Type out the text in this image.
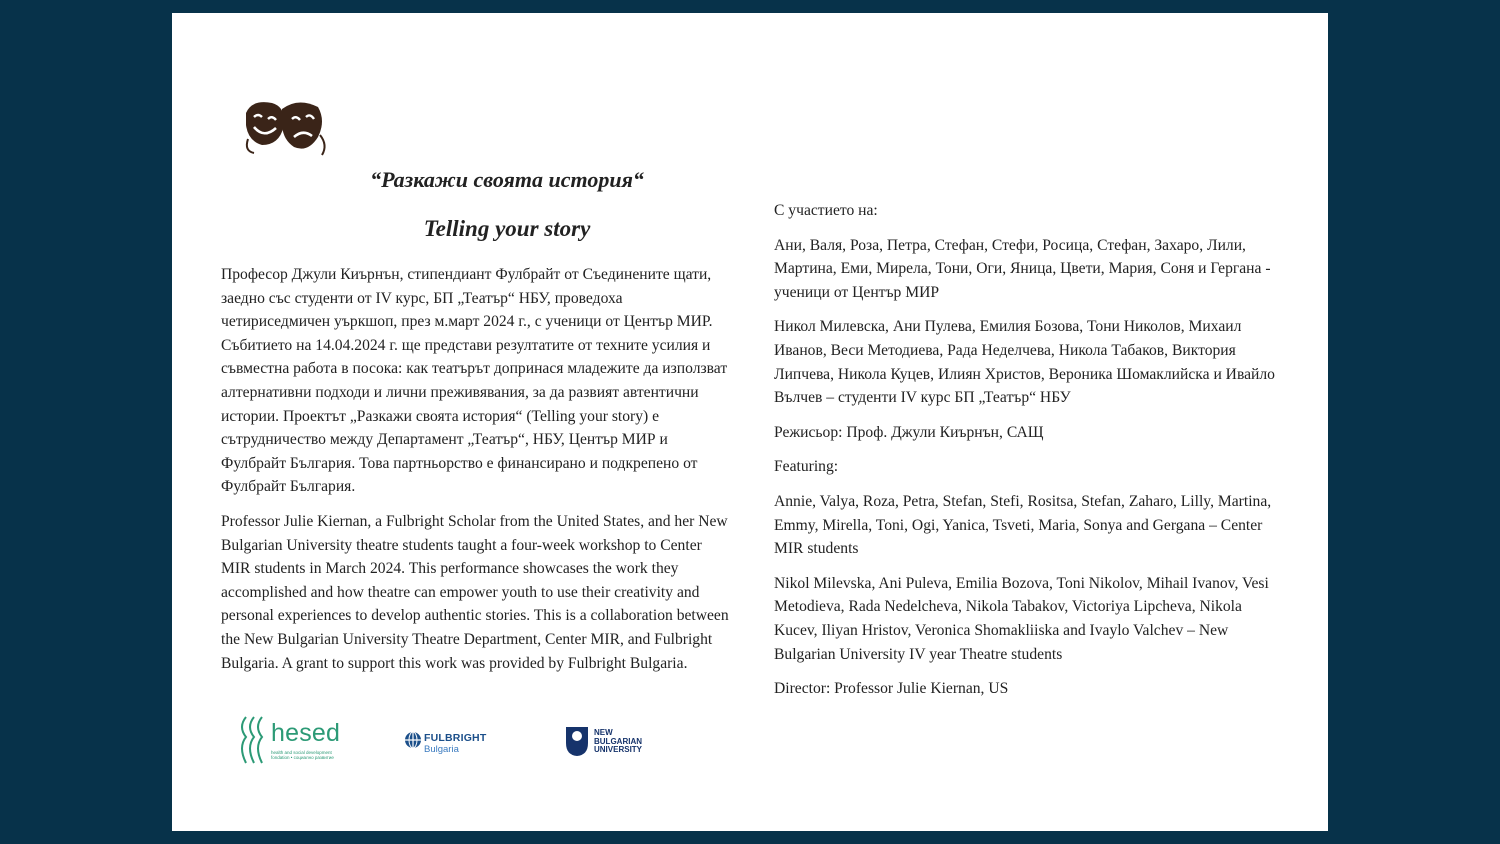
“Разкажи своята история“
Telling your story

Професор Джули Киърнън, стипендиант Фулбрайт от Съединените щати, заедно със студенти от IV курс, БП „Театър“ НБУ, проведоха четириседмичен уъркшоп, през м.март 2024 г., с ученици от Център МИР. Събитието на 14.04.2024 г. ще представи резултатите от техните усилия и съвместна работа в посока: как театърът допринася младежите да използват алтернативни подходи и лични преживявания, за да развият автентични истории. Проектът „Разкажи своята история“ (Telling your story) е сътрудничество между Департамент „Театър“, НБУ, Център МИР и Фулбрайт България. Това партньорство е финансирано и подкрепено от Фулбрайт България.

Professor Julie Kiernan, a Fulbright Scholar from the United States, and her New Bulgarian University theatre students taught a four-week workshop to Center MIR students in March 2024. This performance showcases the work they accomplished and how theatre can empower youth to use their creativity and personal experiences to develop authentic stories. This is a collaboration between the New Bulgarian University Theatre Department, Center MIR, and Fulbright Bulgaria. A grant to support this work was provided by Fulbright Bulgaria.

С участието на:

Ани, Валя, Роза, Петра, Стефан, Стефи, Росица, Стефан, Захаро, Лили, Мартина, Еми, Мирела, Тони, Оги, Яница, Цвети, Мария, Соня и Гергана - ученици от Център МИР

Никол Милевска, Ани Пулева, Емилия Бозова, Тони Николов, Михаил Иванов, Веси Методиева, Рада Неделчева, Никола Табаков, Виктория Липчева, Никола Куцев, Илиян Христов, Вероника Шомаклийска и Ивайло Вълчев – студенти IV курс БП „Театър“ НБУ

Режисьор: Проф. Джули Киърнън, САЩ

Featuring:

Annie, Valya, Roza, Petra, Stefan, Stefi, Rositsa, Stefan, Zaharo, Lilly, Martina, Emmy, Mirella, Toni, Ogi, Yanica, Tsveti, Maria, Sonya and Gergana – Center MIR students

Nikol Milevska, Ani Puleva, Emilia Bozova, Toni Nikolov, Mihail Ivanov, Vesi Metodieva, Rada Nedelcheva, Nikola Tabakov, Victoriya Lipcheva, Nikola Kucev, Iliyan Hristov, Veronica Shomakliiska and Ivaylo Valchev – New Bulgarian University IV year Theatre students

Director: Professor Julie Kiernan, US

hesed
health and social development fondation • социално развитие
FULBRIGHT
Bulgaria
NEW
BULGARIAN
UNIVERSITY
